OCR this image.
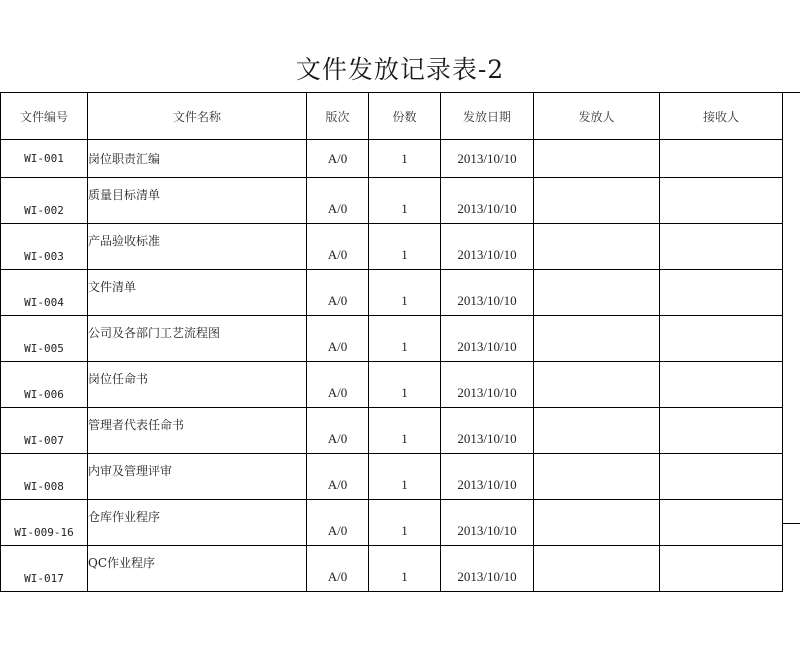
文件发放记录表-2
文件编号	文件名称	版次	份数	发放日期	发放人	接收人
WI-001	岗位职责汇编	A/0	1	2013/10/10		
WI-002	质量目标清单	A/0	1	2013/10/10		
WI-003	产品验收标准	A/0	1	2013/10/10		
WI-004	文件清单	A/0	1	2013/10/10		
WI-005	公司及各部门工艺流程图	A/0	1	2013/10/10		
WI-006	岗位任命书	A/0	1	2013/10/10		
WI-007	管理者代表任命书	A/0	1	2013/10/10		
WI-008	内审及管理评审	A/0	1	2013/10/10		
WI-009-16	仓库作业程序	A/0	1	2013/10/10		
WI-017	QC作业程序	A/0	1	2013/10/10		
